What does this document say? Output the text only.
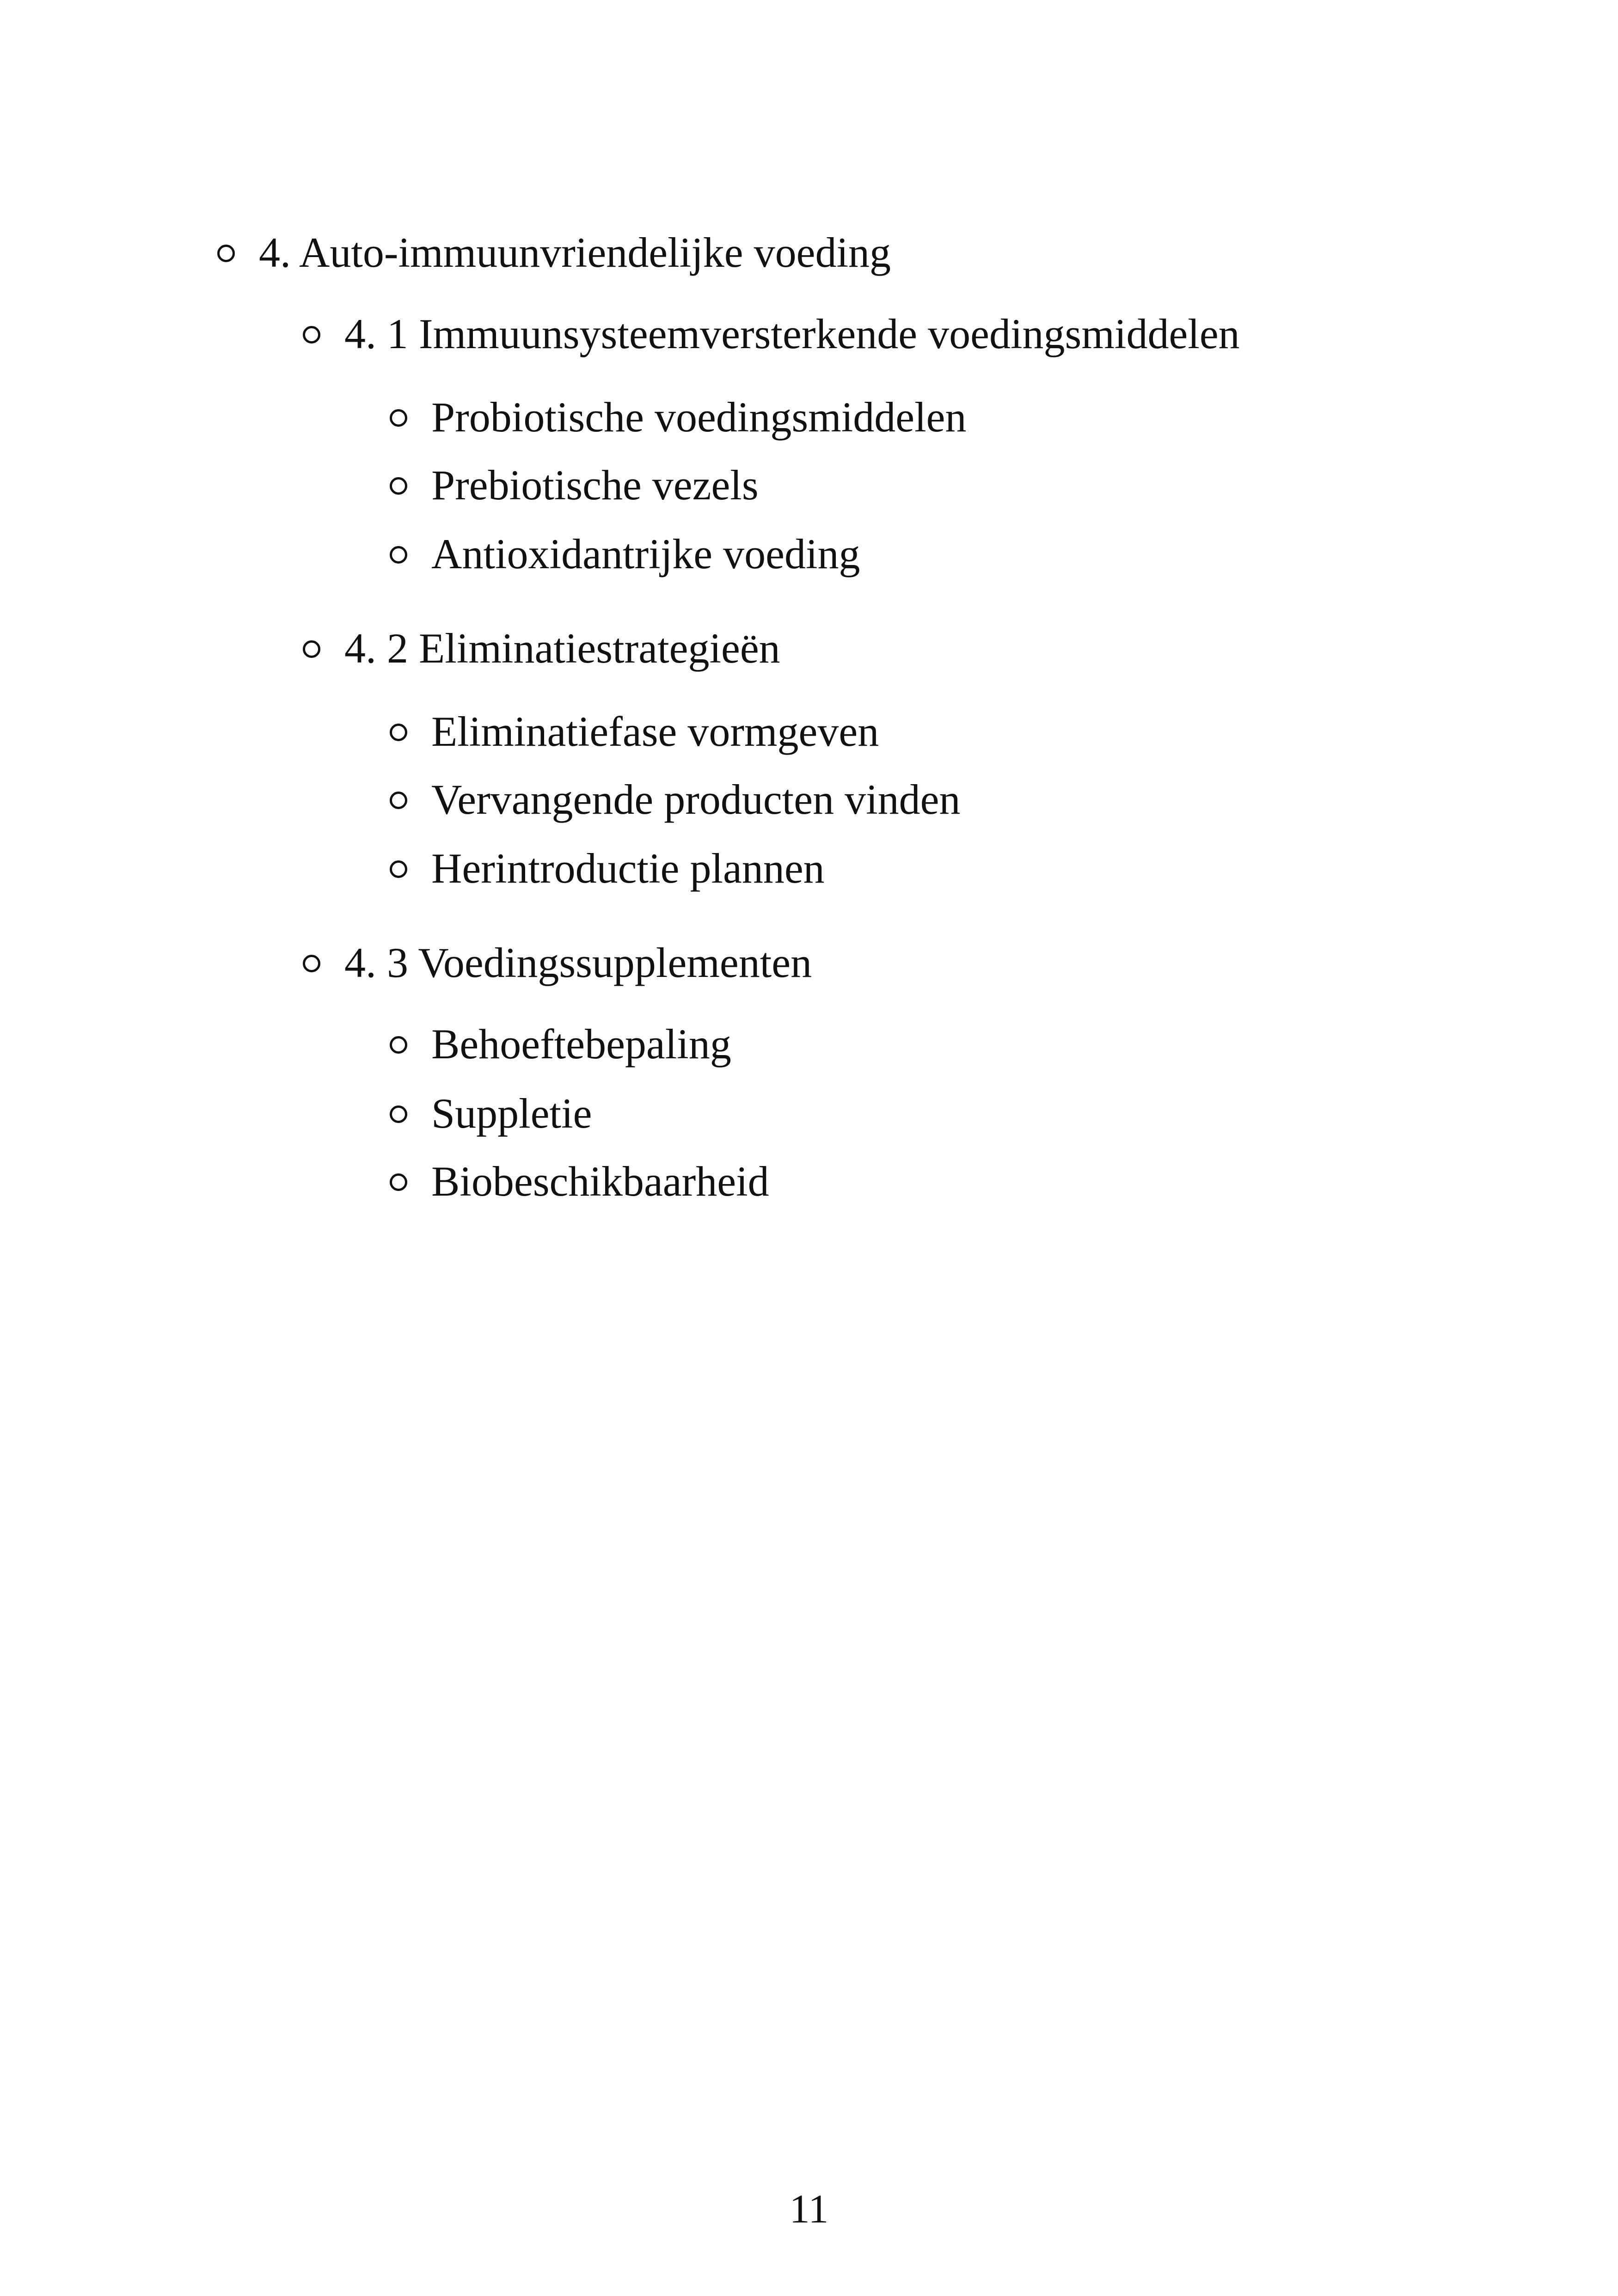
4. Auto-immuunvriendelijke voeding
4. 1 Immuunsysteemversterkende voedingsmiddelen
Probiotische voedingsmiddelen
Prebiotische vezels
Antioxidantrijke voeding
4. 2 Eliminatiestrategieën
Eliminatiefase vormgeven
Vervangende producten vinden
Herintroductie plannen
4. 3 Voedingssupplementen
Behoeftebepaling
Suppletie
Biobeschikbaarheid
11
